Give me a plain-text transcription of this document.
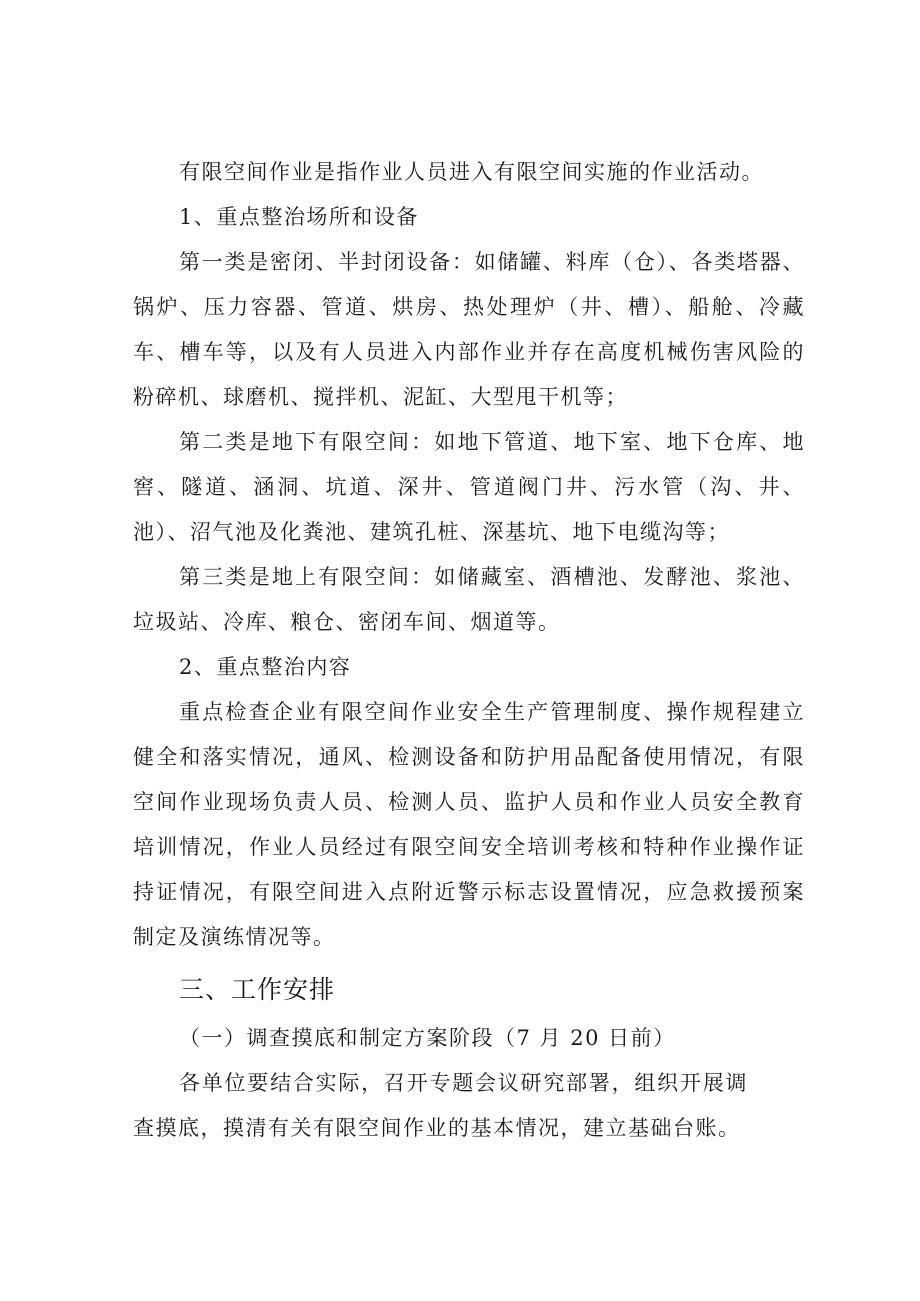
有限空间作业是指作业人员进入有限空间实施的作业活动。

1、重点整治场所和设备

第一类是密闭、半封闭设备：如储罐、料库（仓）、各类塔器、锅炉、压力容器、管道、烘房、热处理炉（井、槽）、船舱、冷藏车、槽车等，以及有人员进入内部作业并存在高度机械伤害风险的粉碎机、球磨机、搅拌机、泥缸、大型甩干机等；

第二类是地下有限空间：如地下管道、地下室、地下仓库、地窖、隧道、涵洞、坑道、深井、管道阀门井、污水管（沟、井、池）、沼气池及化粪池、建筑孔桩、深基坑、地下电缆沟等；

第三类是地上有限空间：如储藏室、酒槽池、发酵池、浆池、垃圾站、冷库、粮仓、密闭车间、烟道等。

2、重点整治内容

重点检查企业有限空间作业安全生产管理制度、操作规程建立健全和落实情况，通风、检测设备和防护用品配备使用情况，有限空间作业现场负责人员、检测人员、监护人员和作业人员安全教育培训情况，作业人员经过有限空间安全培训考核和特种作业操作证持证情况，有限空间进入点附近警示标志设置情况，应急救援预案制定及演练情况等。

三、工作安排

（一）调查摸底和制定方案阶段（7 月 20 日前）

各单位要结合实际，召开专题会议研究部署，组织开展调查摸底，摸清有关有限空间作业的基本情况，建立基础台账。
